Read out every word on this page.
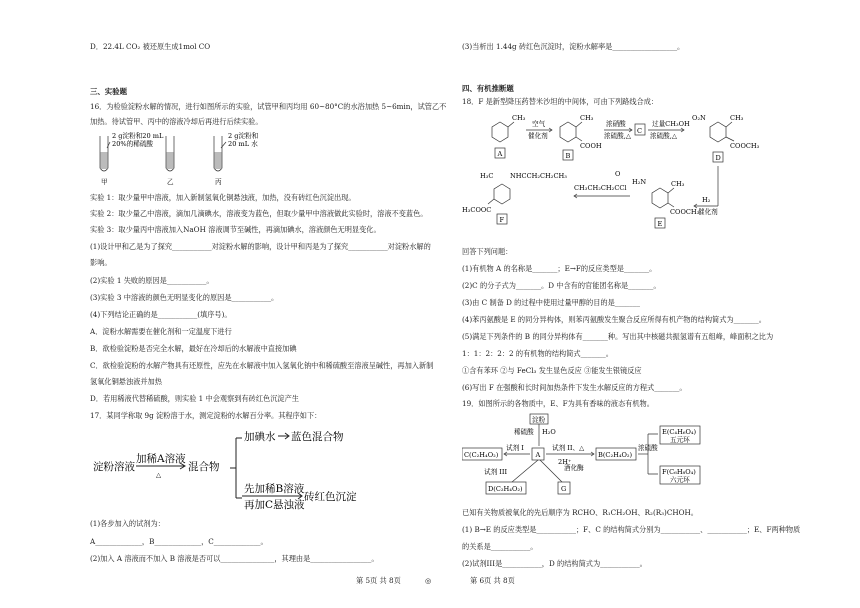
D．22.4L CO₂ 被还原生成1mol CO
三、实验题
16．为检验淀粉水解的情况，进行如图所示的实验，试管甲和丙均用 60~80°C的水浴加热 5~6min，试管乙不
加热。待试管甲、丙中的溶液冷却后再进行后续实验。
2 g淀粉和20 mL
20%的稀硫酸
2 g淀粉和
20 mL 水
甲	乙	丙
实验 1：取少量甲中溶液，加入新制氢氧化铜悬浊液，加热，没有砖红色沉淀出现。
实验 2：取少量乙中溶液，滴加几滴碘水，溶液变为蓝色，但取少量甲中溶液做此实验时，溶液不变蓝色。
实验 3：取少量丙中溶液加入NaOH 溶液调节至碱性，再滴加碘水，溶液颜色无明显变化。
(1)设计甲和乙是为了探究___________对淀粉水解的影响，设计甲和丙是为了探究___________对淀粉水解的
影响。
(2)实验 1 失败的原因是___________。
(3)实验 3 中溶液的颜色无明显变化的原因是___________。
(4)下列结论正确的是___________(填序号)。
A．淀粉水解需要在催化剂和一定温度下进行
B．欲检验淀粉是否完全水解，最好在冷却后的水解液中直接加碘
C．欲检验淀粉的水解产物具有还原性，应先在水解液中加入氢氧化钠中和稀硫酸至溶液呈碱性，再加入新制
氢氧化铜悬浊液并加热
D．若用稀液代替稀硫酸，则实验 1 中会观察到有砖红色沉淀产生
17．某同学称取 9g 淀粉溶于水，测定淀粉的水解百分率。其程序如下：
淀粉溶液
加稀A溶液
△
混合物
加碘水 蓝色混合物
先加稀B溶液
再加C悬浊液
砖红色沉淀
(1)各步加入的试剂为：
A_____________，B_____________，C_____________。
(2)加入 A 溶液而不加入 B 溶液是否可以_______________，其理由是_________________。
第 5页 共 8页	◎	第 6页 共 8页
(3)当析出 1.44g 砖红色沉淀时，淀粉水解率是__________________。
四、有机推断题
18．F 是新型降压药替米沙坦的中间体，可由下列路线合成：
CH₃
A
空气
催化剂
CH₃
COOH
B
浓硝酸
浓硫酸,△
C
过量CH₃OH
浓硫酸,△
O₂N	CH₃
COOCH₃
D
H₂
催化剂
H₂N	CH₃
COOCH₃
E
O
CH₃CH₂CH₂CCl
H₃C	NHCCH₂CH₂CH₃
H₃COOC
F
回答下列问题：
(1)有机物 A 的名称是_______；E→F的反应类型是_______。
(2)C 的分子式为_______。D 中含有的官能团名称是_______。
(3)由 C 制备 D 的过程中使用过量甲醇的目的是_______
(4)苯丙氨酸是 E 的同分异构体，则苯丙氨酸发生聚合反应所得有机产物的结构简式为_______。
(5)满足下列条件的 B 的同分异构体有_______种。写出其中核磁共振氢谱有五组峰，峰面积之比为
1：1：2：2：2 的有机物的结构简式_______。
①含有苯环 ②与 FeCl₃ 发生显色反应 ③能发生银镜反应
(6)写出 F 在强酸和长时间加热条件下发生水解反应的方程式_______。
19．如图所示的各物质中，E、F为具有香味的液态有机物。
淀粉
稀硫酸 H₂O
A
C(C₂H₄O₂)
试剂 I	试剂 II、△
2H⁺
B(C₂H₄O₂)
浓硫酸
E(C₄H₆O₄)
五元环
F(C₆H₈O₄)
六元环
试剂 III
D(C₂H₄O₂)
酒化酶
G
已知有关物质被氧化的先后顺序为 RCHO、R₁CH₂OH、R₂(R₃)CHOH。
(1) B→E 的反应类型是___________；F、C 的结构简式分别为___________、___________；E、F两种物质
的关系是___________。
(2)试剂III是___________，D 的结构简式为___________。
